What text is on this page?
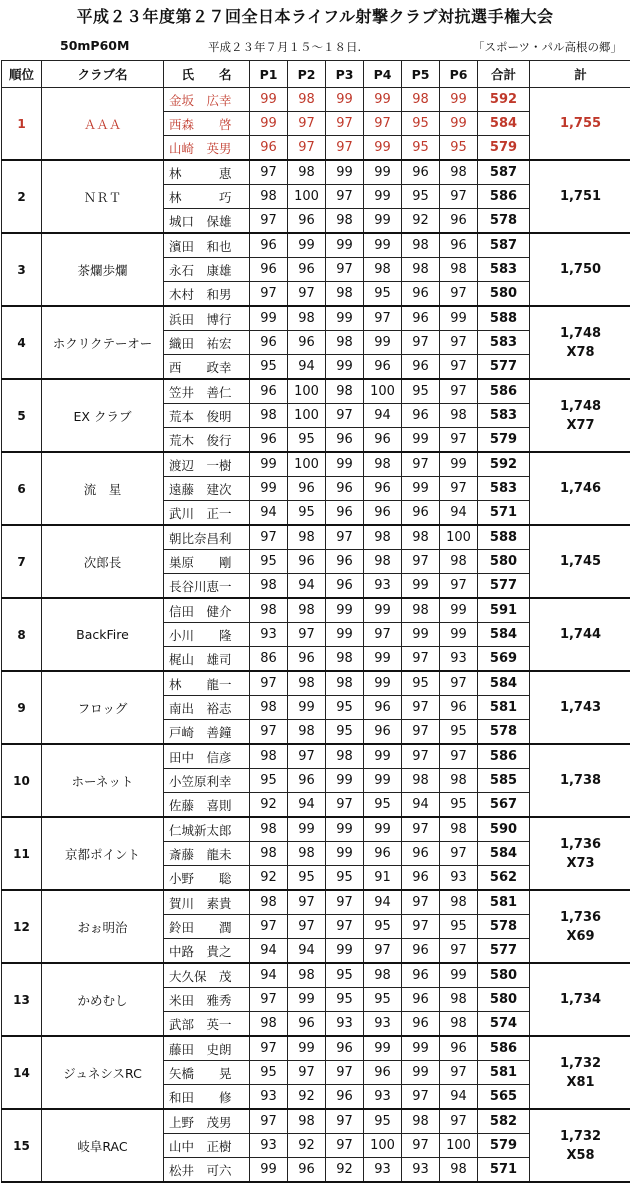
平成２３年度第２７回全日本ライフル射撃クラブ対抗選手権大会
50mP60M	平成２３年７月１５～１８日.	「スポーツ・パル高根の郷」
順位	クラブ名	氏　　名	P1	P2	P3	P4	P5	P6	合計	計
1	ＡＡＡ	金坂　広幸	99	98	99	99	98	99	592	1,755

		西森　　啓	99	97	97	97	95	99	584	
		山崎　英男	96	97	97	99	95	95	579	
2	ＮＲＴ	林　　　恵	97	98	99	99	96	98	587	1,751

		林　　　巧	98	100	97	99	95	97	586	
		城口　保雄	97	96	98	99	92	96	578	
3	茶爛歩爛	濱田　和也	96	99	99	99	98	96	587	1,750

		永石　康雄	96	96	97	98	98	98	583	
		木村　和男	97	97	98	95	96	97	580	
4	ホクリクテーオー	浜田　博行	99	98	99	97	96	99	588	1,748
X78

		織田　祐宏	96	96	98	99	97	97	583	
		西　　政幸	95	94	99	96	96	97	577	
5	EX クラブ	笠井　善仁	96	100	98	100	95	97	586	1,748
X77

		荒本　俊明	98	100	97	94	96	98	583	
		荒木　俊行	96	95	96	96	99	97	579	
6	流　星	渡辺　一樹	99	100	99	98	97	99	592	1,746

		遠藤　建次	99	96	96	96	99	97	583	
		武川　正一	94	95	96	96	96	94	571	
7	次郎長	朝比奈昌利	97	98	97	98	98	100	588	1,745

		巣原　　剛	95	96	96	98	97	98	580	
		長谷川恵一	98	94	96	93	99	97	577	
8	BackFire	信田　健介	98	98	99	99	98	99	591	1,744

		小川　　隆	93	97	99	97	99	99	584	
		梶山　雄司	86	96	98	99	97	93	569	
9	フロッグ	林　　龍一	97	98	98	99	95	97	584	1,743

		南出　裕志	98	99	95	96	97	96	581	
		戸崎　善鐘	97	98	95	96	97	95	578	
10	ホーネット	田中　信彦	98	97	98	99	97	97	586	1,738

		小笠原利幸	95	96	99	99	98	98	585	
		佐藤　喜則	92	94	97	95	94	95	567	
11	京都ポイント	仁城新太郎	98	99	99	99	97	98	590	1,736
X73

		斎藤　龍未	98	98	99	96	96	97	584	
		小野　　聡	92	95	95	91	96	93	562	
12	おぉ明治	賀川　素貴	98	97	97	94	97	98	581	1,736
X69

		鈴田　　潤	97	97	97	95	97	95	578	
		中路　貴之	94	94	99	97	96	97	577	
13	かめむし	大久保　茂	94	98	95	98	96	99	580	1,734

		米田　雅秀	97	99	95	95	96	98	580	
		武部　英一	98	96	93	93	96	98	574	
14	ジュネシスRC	藤田　史朗	97	99	96	99	99	96	586	1,732
X81

		矢橋　　晃	95	97	97	96	99	97	581	
		和田　　修	93	92	96	93	97	94	565	
15	岐阜RAC	上野　茂男	97	98	97	95	98	97	582	1,732
X58

		山中　正樹	93	92	97	100	97	100	579	
		松井　可六	99	96	92	93	93	98	571	
